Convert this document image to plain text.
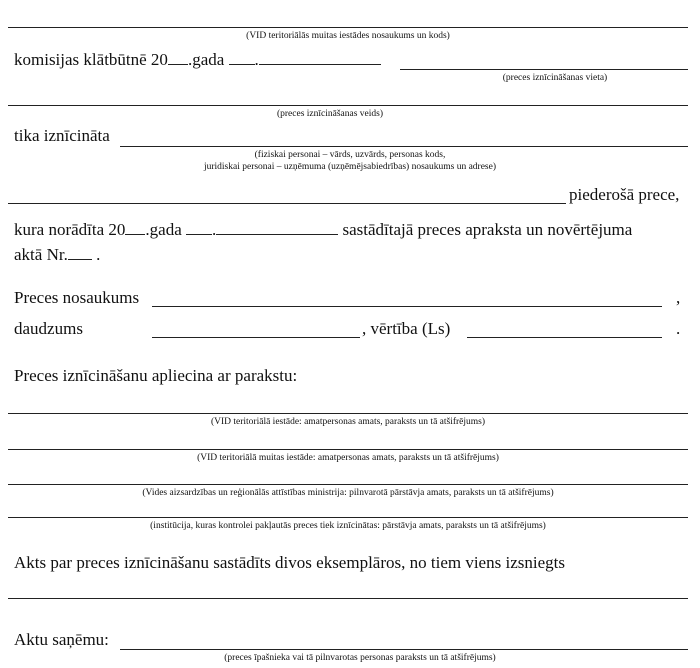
(VID teritoriālās muitas iestādes nosaukums un kods)
komisijas klātbūtnē 20 .gada .
(preces iznīcināšanas vieta)
(preces iznīcināšanas veids)
tika iznīcināta
(fiziskai personai – vārds, uzvārds, personas kods,
juridiskai personai – uzņēmuma (uzņēmējsabiedrības) nosaukums un adrese)
piederošā prece,
kura norādīta 20 .gada .	sastādītajā preces apraksta un novērtējuma
aktā Nr. .
Preces nosaukums	,
daudzums	, vērtība (Ls)	.
Preces iznīcināšanu apliecina ar parakstu:
(VID teritoriālā iestāde: amatpersonas amats, paraksts un tā atšifrējums)
(VID teritoriālā muitas iestāde: amatpersonas amats, paraksts un tā atšifrējums)
(Vides aizsardzības un reģionālās attīstības ministrija: pilnvarotā pārstāvja amats, paraksts un tā atšifrējums)
(institūcija, kuras kontrolei pakļautās preces tiek iznīcinātas: pārstāvja amats, paraksts un tā atšifrējums)
Akts par preces iznīcināšanu sastādīts divos eksemplāros, no tiem viens izsniegts
Aktu saņēmu:
(preces īpašnieka vai tā pilnvarotas personas paraksts un tā atšifrējums)
